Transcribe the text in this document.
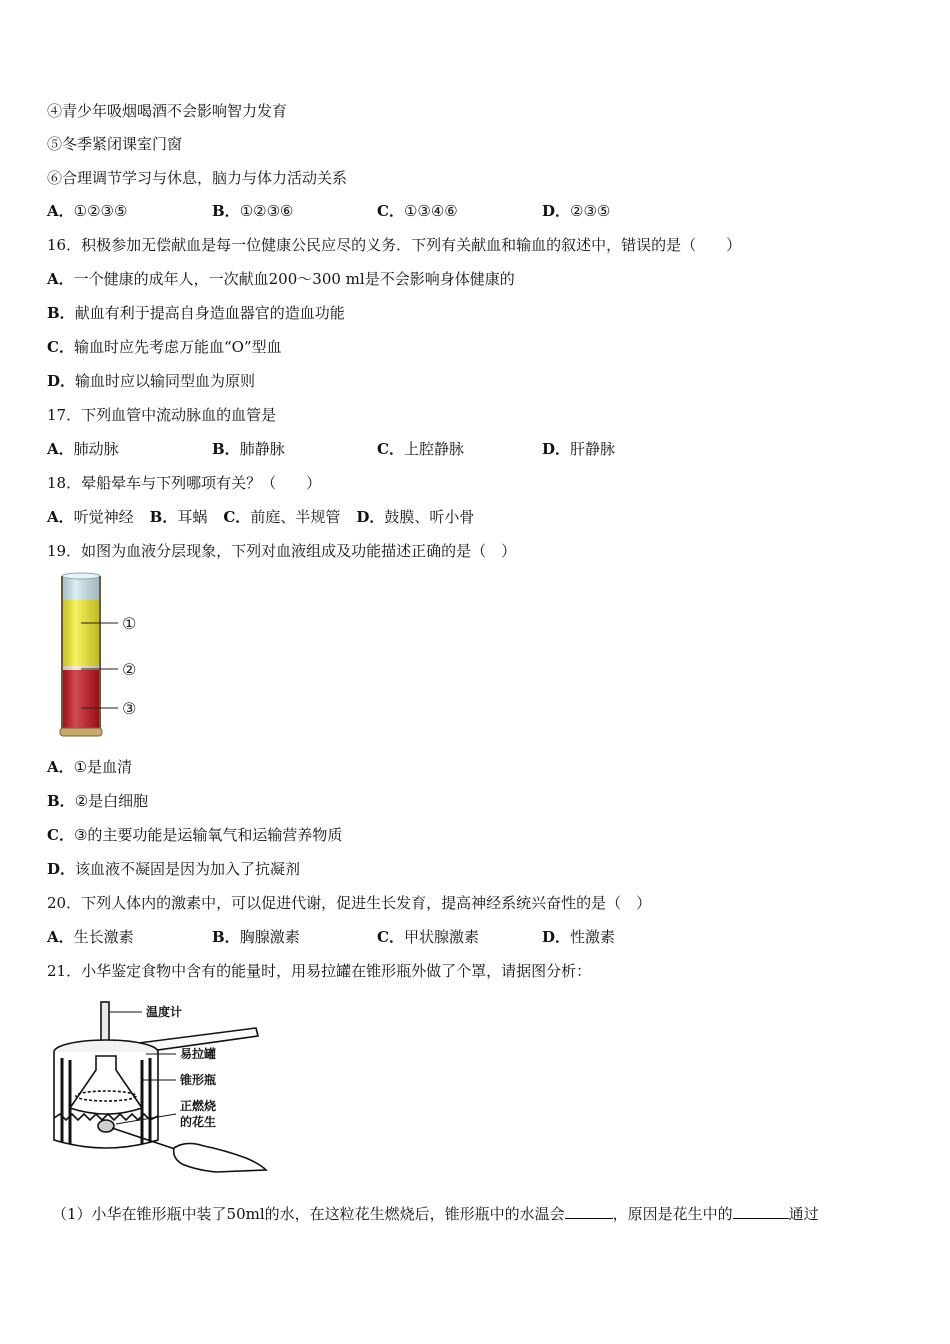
④青少年吸烟喝酒不会影响智力发育
⑤冬季紧闭课室门窗
⑥合理调节学习与休息，脑力与体力活动关系
A．①②③⑤	B．①②③⑥	C．①③④⑥	D．②③⑤
16．积极参加无偿献血是每一位健康公民应尽的义务．下列有关献血和输血的叙述中，错误的是（　　）
A．一个健康的成年人，一次献血200～300 ml是不会影响身体健康的
B．献血有利于提高自身造血器官的造血功能
C．输血时应先考虑万能血“O”型血
D．输血时应以输同型血为原则
17．下列血管中流动脉血的血管是
A．肺动脉	B．肺静脉	C．上腔静脉	D．肝静脉
18．晕船晕车与下列哪项有关？（　　）
A．听觉神经 B．耳蜗 C．前庭、半规管 D．鼓膜、听小骨
19．如图为血液分层现象，下列对血液组成及功能描述正确的是（　）
①
②
③
A．①是血清
B．②是白细胞
C．③的主要功能是运输氧气和运输营养物质
D．该血液不凝固是因为加入了抗凝剂
20．下列人体内的激素中，可以促进代谢，促进生长发育，提高神经系统兴奋性的是（　）
A．生长激素	B．胸腺激素	C．甲状腺激素	D．性激素
21．小华鉴定食物中含有的能量时，用易拉罐在锥形瓶外做了个罩，请据图分析：
温度计
易拉罐
锥形瓶
正燃烧
的花生
（1）小华在锥形瓶中装了50ml的水，在这粒花生燃烧后，锥形瓶中的水温会	，原因是花生中的	通过
